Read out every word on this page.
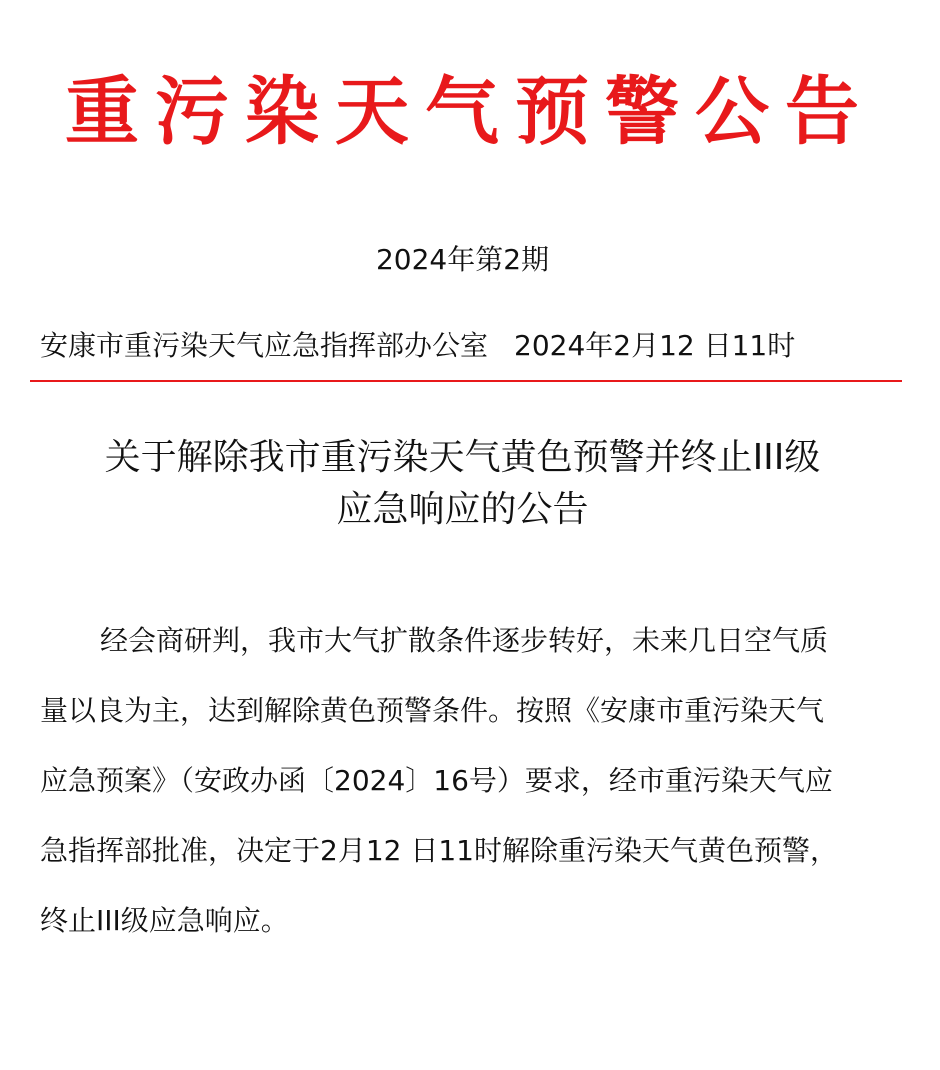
重污染天气预警公告
2024年第2期
安康市重污染天气应急指挥部办公室 2024年2月12 日11时
关于解除我市重污染天气黄色预警并终止III级
应急响应的公告
经会商研判，我市大气扩散条件逐步转好，未来几日空气质
量以良为主，达到解除黄色预警条件。按照《安康市重污染天气
应急预案》（安政办函〔2024〕16号）要求，经市重污染天气应
急指挥部批准，决定于2月12 日11时解除重污染天气黄色预警，
终止III级应急响应。
